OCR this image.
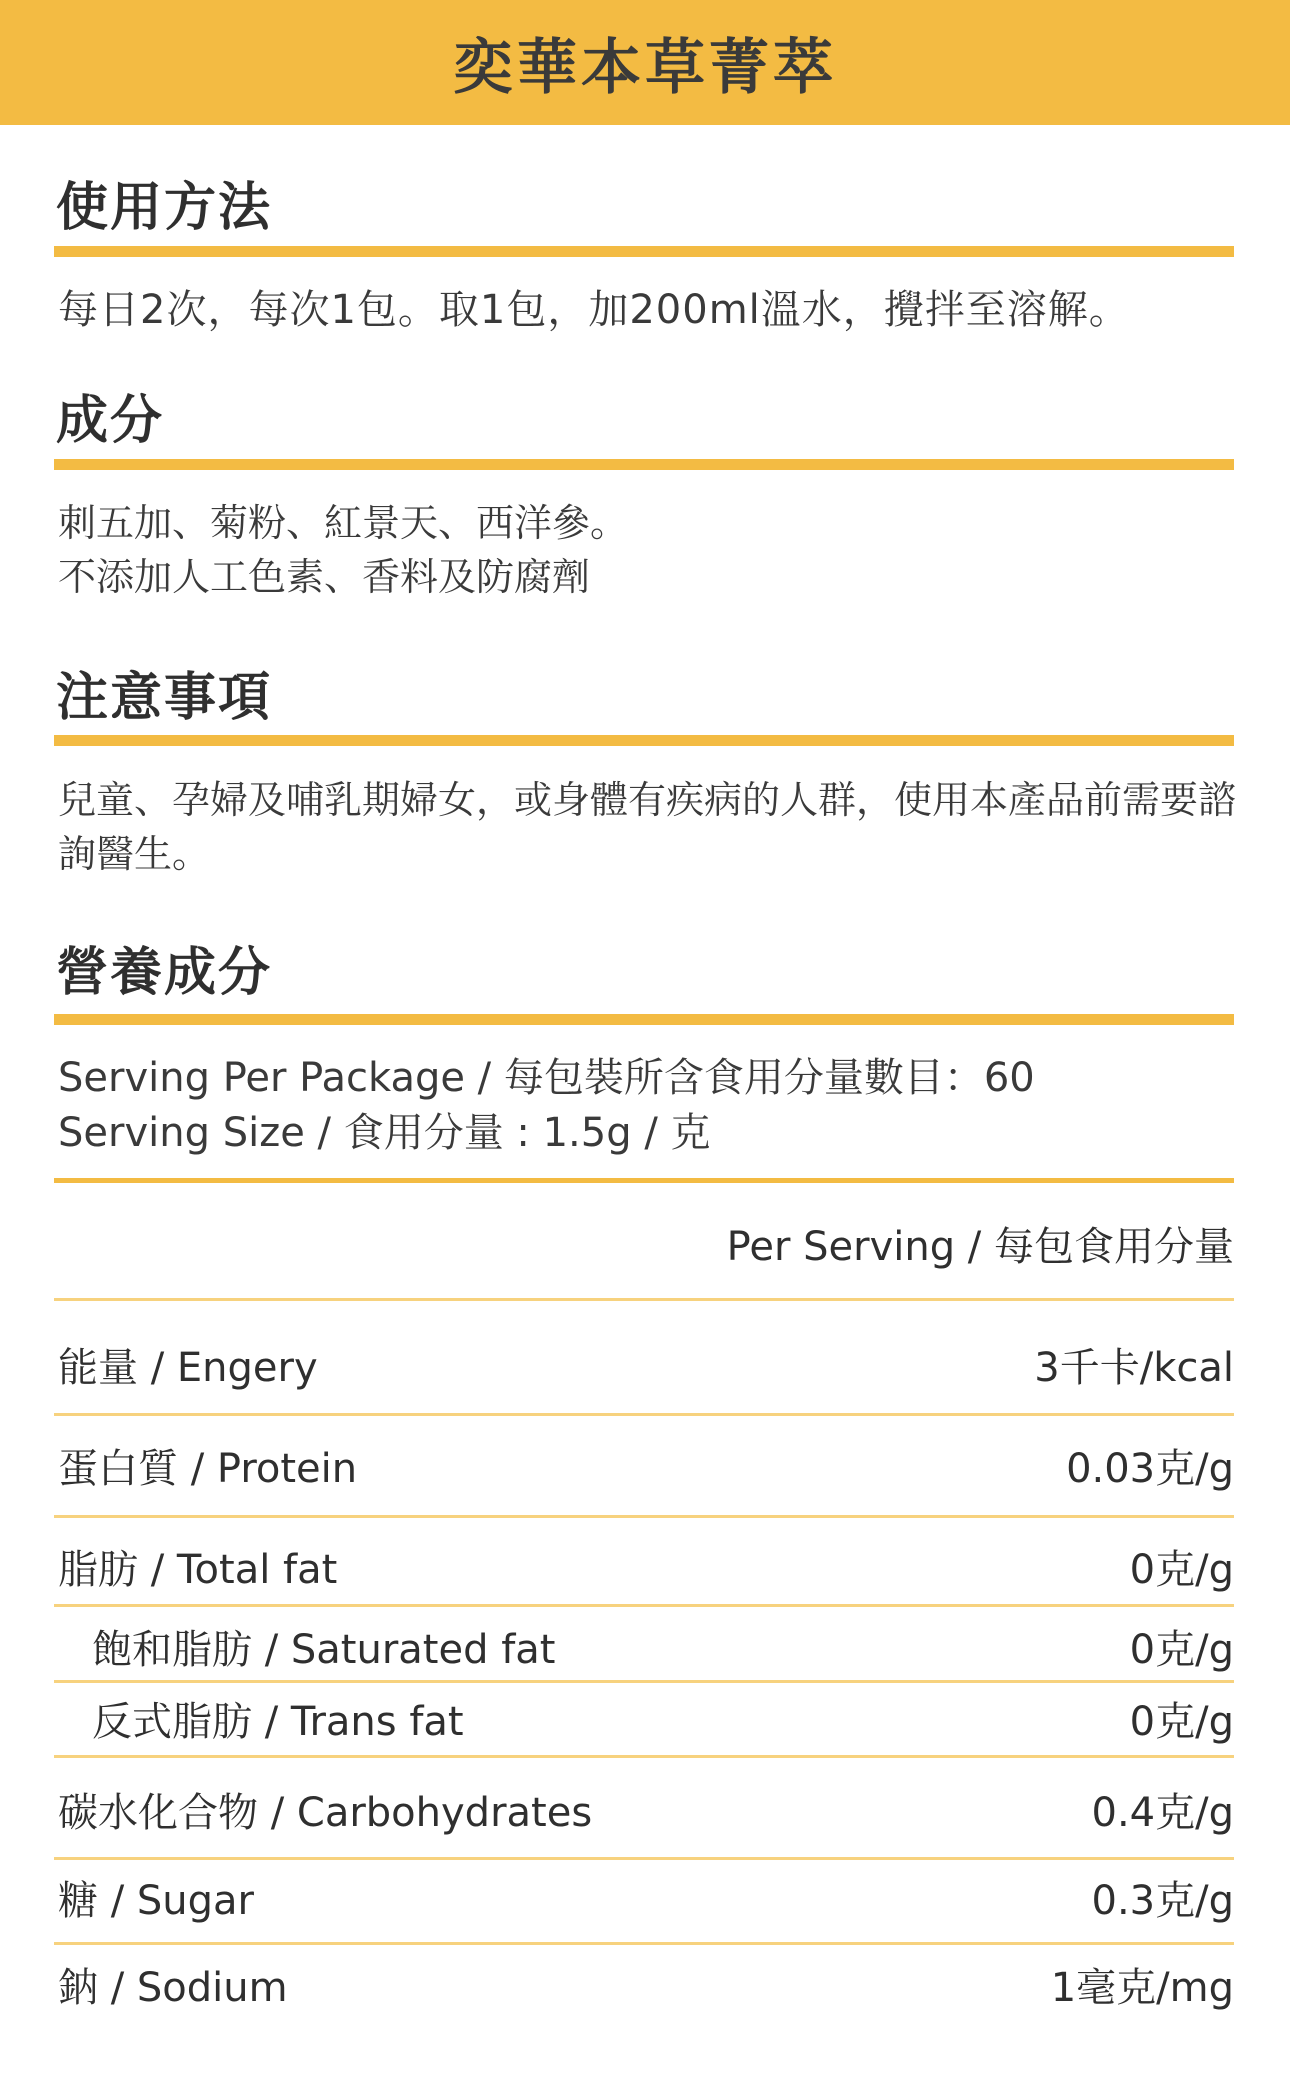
奕華本草菁萃
使用方法
每日2次，每次1包。取1包，加200ml溫水，攪拌至溶解。
成分
刺五加、菊粉、紅景天、西洋參。
不添加人工色素、香料及防腐劑
注意事項
兒童、孕婦及哺乳期婦女，或身體有疾病的人群，使用本產品前需要諮
詢醫生。
營養成分
Serving Per Package / 每包裝所含食用分量數目：60
Serving Size / 食用分量 : 1.5g / 克
Per Serving / 每包食用分量
能量 / Engery	3千卡/kcal
蛋白質 / Protein	0.03克/g
脂肪 / Total fat	0克/g
飽和脂肪 / Saturated fat	0克/g
反式脂肪 / Trans fat	0克/g
碳水化合物 / Carbohydrates	0.4克/g
糖 / Sugar	0.3克/g
鈉 / Sodium	1毫克/mg
